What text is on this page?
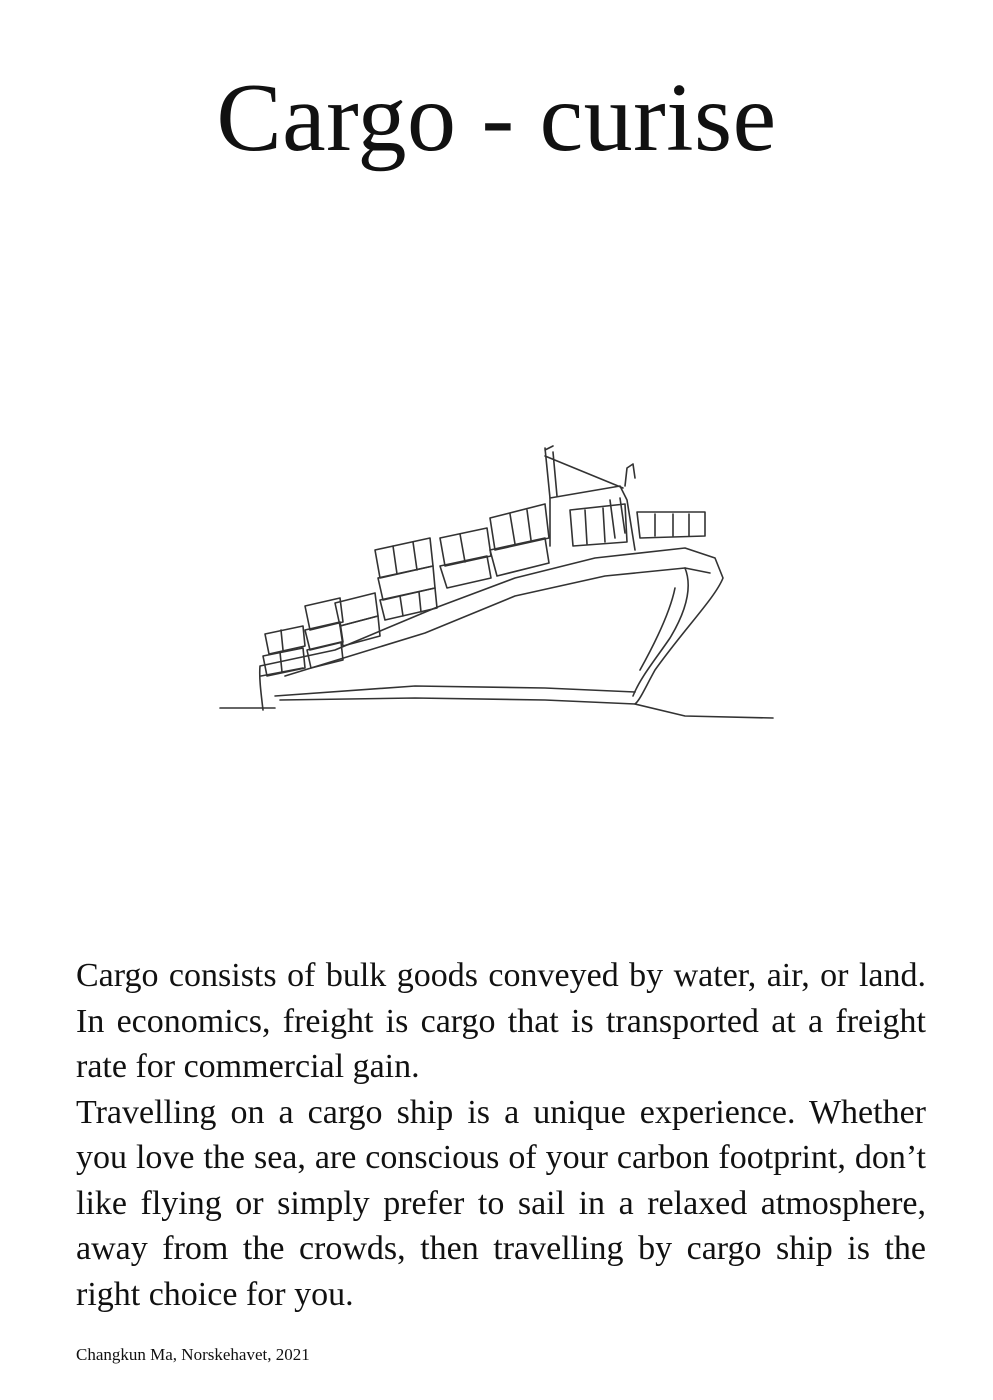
Cargo - curise

Cargo consists of bulk goods conveyed by water, air, or land. In economics, freight is cargo that is transported at a freight rate for commercial gain.

Travelling on a cargo ship is a unique experience. Whether you love the sea, are conscious of your carbon footprint, don’t like flying or simply prefer to sail in a relaxed atmosphere, away from the crowds, then travelling by cargo ship is the right choice for you.

Changkun Ma, Norskehavet, 2021
